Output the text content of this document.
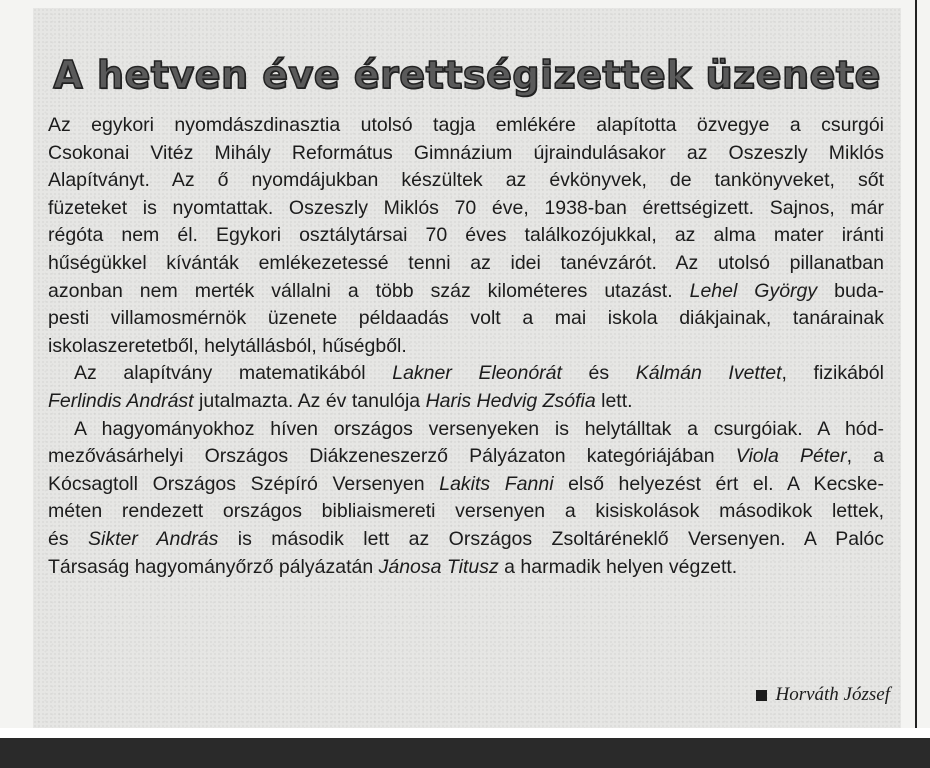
A hetven éve érettségizettek üzenete
Az egykori nyomdászdinasztia utolsó tagja emlékére alapította özvegye a csurgói
Csokonai Vitéz Mihály Református Gimnázium újraindulásakor az Oszeszly Miklós
Alapítványt. Az ő nyomdájukban készültek az évkönyvek, de tankönyveket, sőt
füzeteket is nyomtattak. Oszeszly Miklós 70 éve, 1938-ban érettségizett. Sajnos, már
régóta nem él. Egykori osztálytársai 70 éves találkozójukkal, az alma mater iránti
hűségükkel kívánták emlékezetessé tenni az idei tanévzárót. Az utolsó pillanatban
azonban nem merték vállalni a több száz kilométeres utazást. Lehel György buda-
pesti villamosmérnök üzenete példaadás volt a mai iskola diákjainak, tanárainak
iskolaszeretetből, helytállásból, hűségből.
Az alapítvány matematikából Lakner Eleonórát és Kálmán Ivettet, fizikából
Ferlindis Andrást jutalmazta. Az év tanulója Haris Hedvig Zsófia lett.
A hagyományokhoz híven országos versenyeken is helytálltak a csurgóiak. A hód-
mezővásárhelyi Országos Diákzeneszerző Pályázaton kategóriájában Viola Péter, a
Kócsagtoll Országos Szépíró Versenyen Lakits Fanni első helyezést ért el. A Kecske-
méten rendezett országos bibliaismereti versenyen a kisiskolások másodikok lettek,
és Sikter András is második lett az Országos Zsoltáréneklő Versenyen. A Palóc
Társaság hagyományőrző pályázatán Jánosa Titusz a harmadik helyen végzett.
Horváth József
